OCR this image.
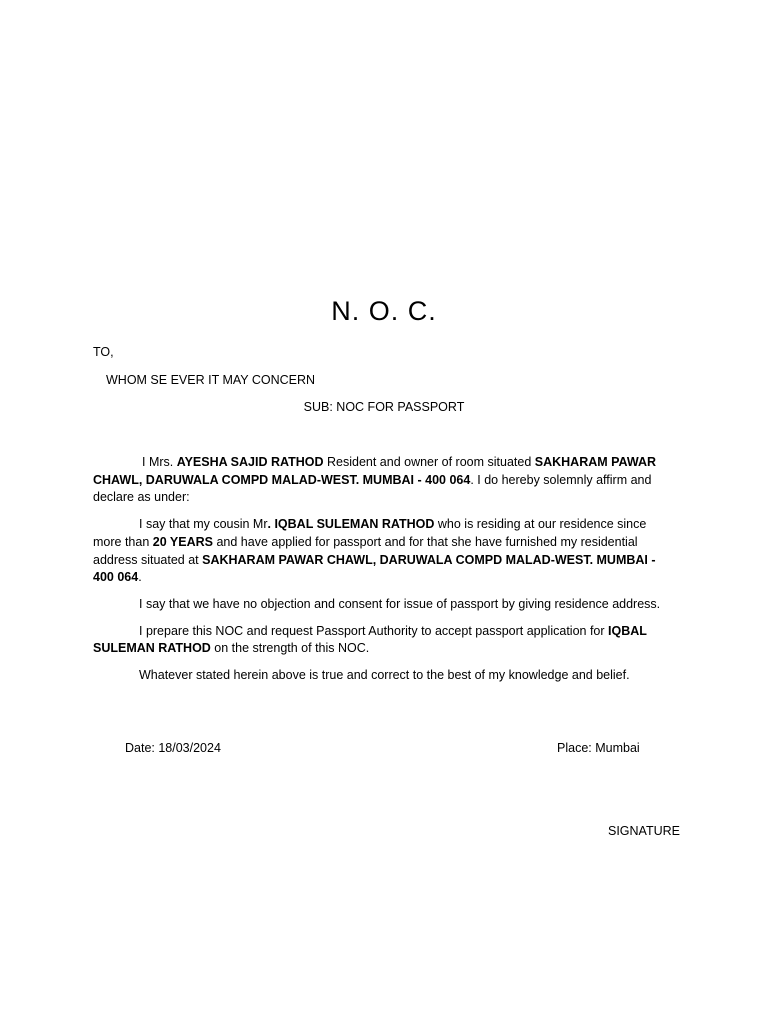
N. O. C.
TO,
WHOM SE EVER IT MAY CONCERN
SUB: NOC FOR PASSPORT

I Mrs. AYESHA SAJID RATHOD Resident and owner of room situated SAKHARAM PAWAR CHAWL, DARUWALA COMPD MALAD-WEST. MUMBAI - 400 064. I do hereby solemnly affirm and declare as under:

I say that my cousin Mr. IQBAL SULEMAN RATHOD who is residing at our residence since more than 20 YEARS and have applied for passport and for that she have furnished my residential address situated at SAKHARAM PAWAR CHAWL, DARUWALA COMPD MALAD-WEST. MUMBAI - 400 064.

I say that we have no objection and consent for issue of passport by giving residence address.

I prepare this NOC and request Passport Authority to accept passport application for IQBAL SULEMAN RATHOD on the strength of this NOC.

Whatever stated herein above is true and correct to the best of my knowledge and belief.

Date: 18/03/2024	Place: Mumbai
SIGNATURE
